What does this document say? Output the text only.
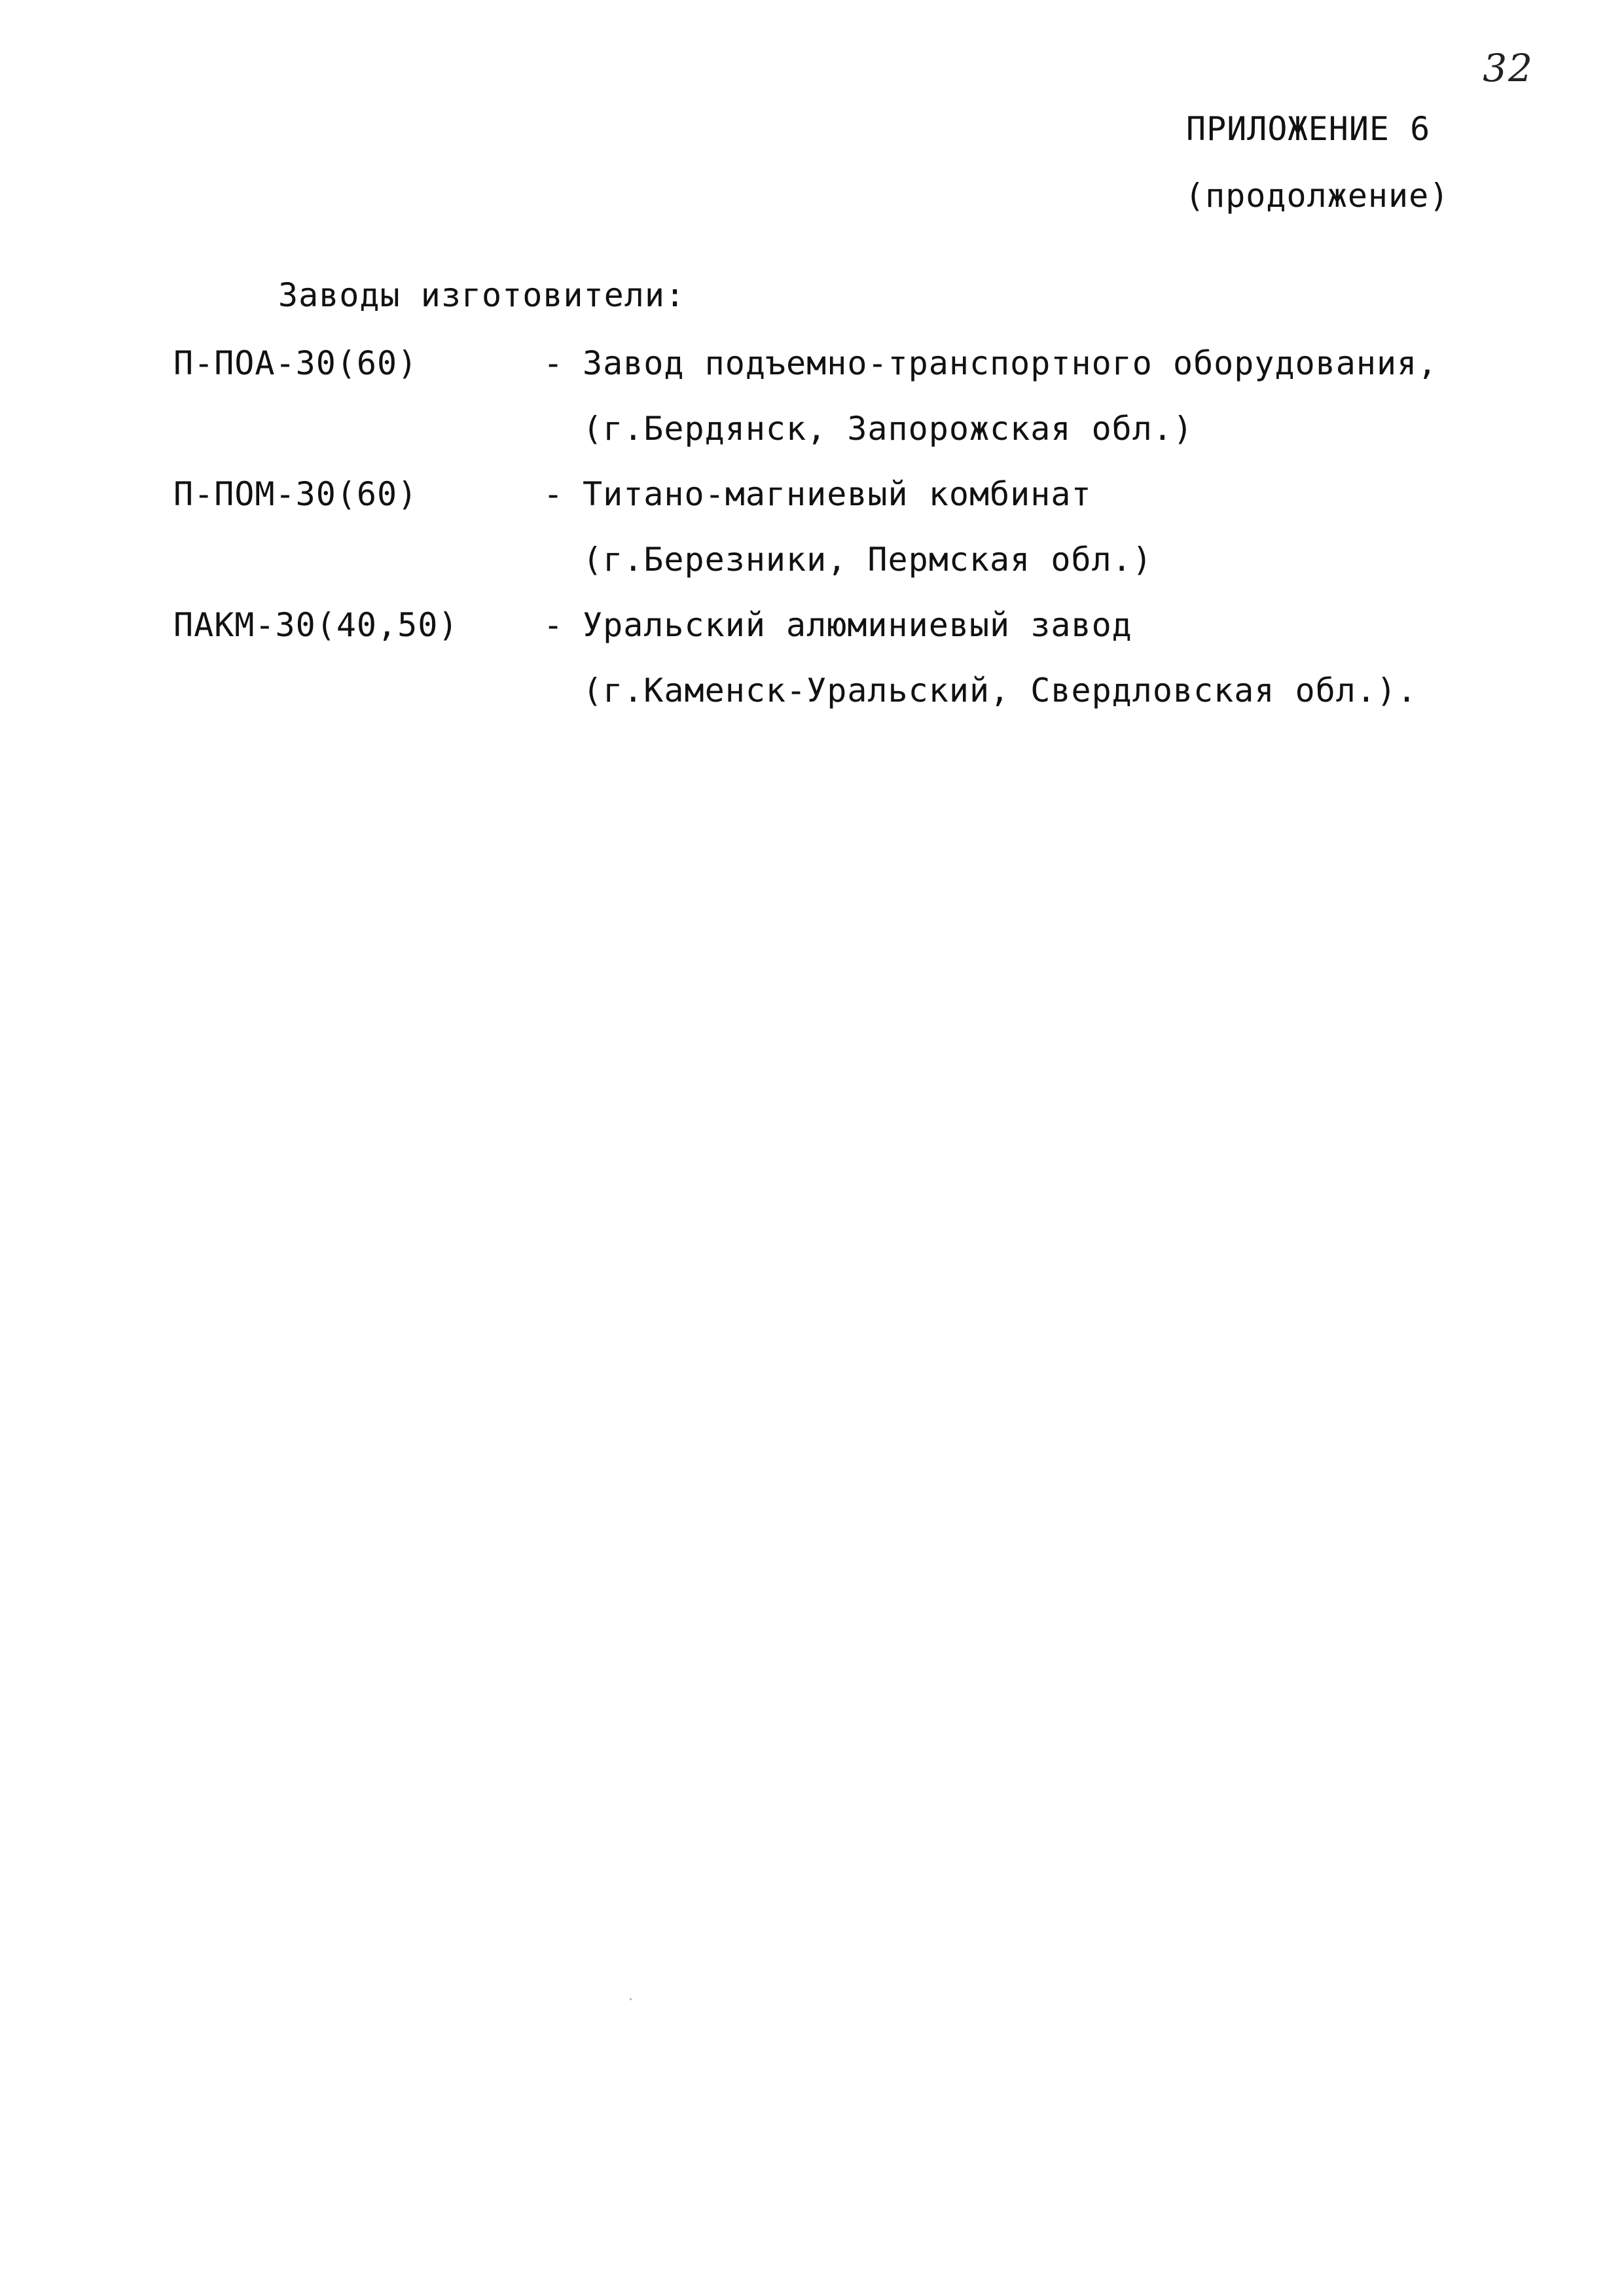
32
ПРИЛОЖЕНИЕ 6
(продолжение)
Заводы изготовители:
П-ПОА-30(60)	- Завод подъемно-транспортного оборудования,
(г.Бердянск, Запорожская обл.)
П-ПОМ-30(60)	- Титано-магниевый комбинат
(г.Березники, Пермская обл.)
ПАКМ-30(40,50)	- Уральский алюминиевый завод
(г.Каменск-Уральский, Свердловская обл.).
